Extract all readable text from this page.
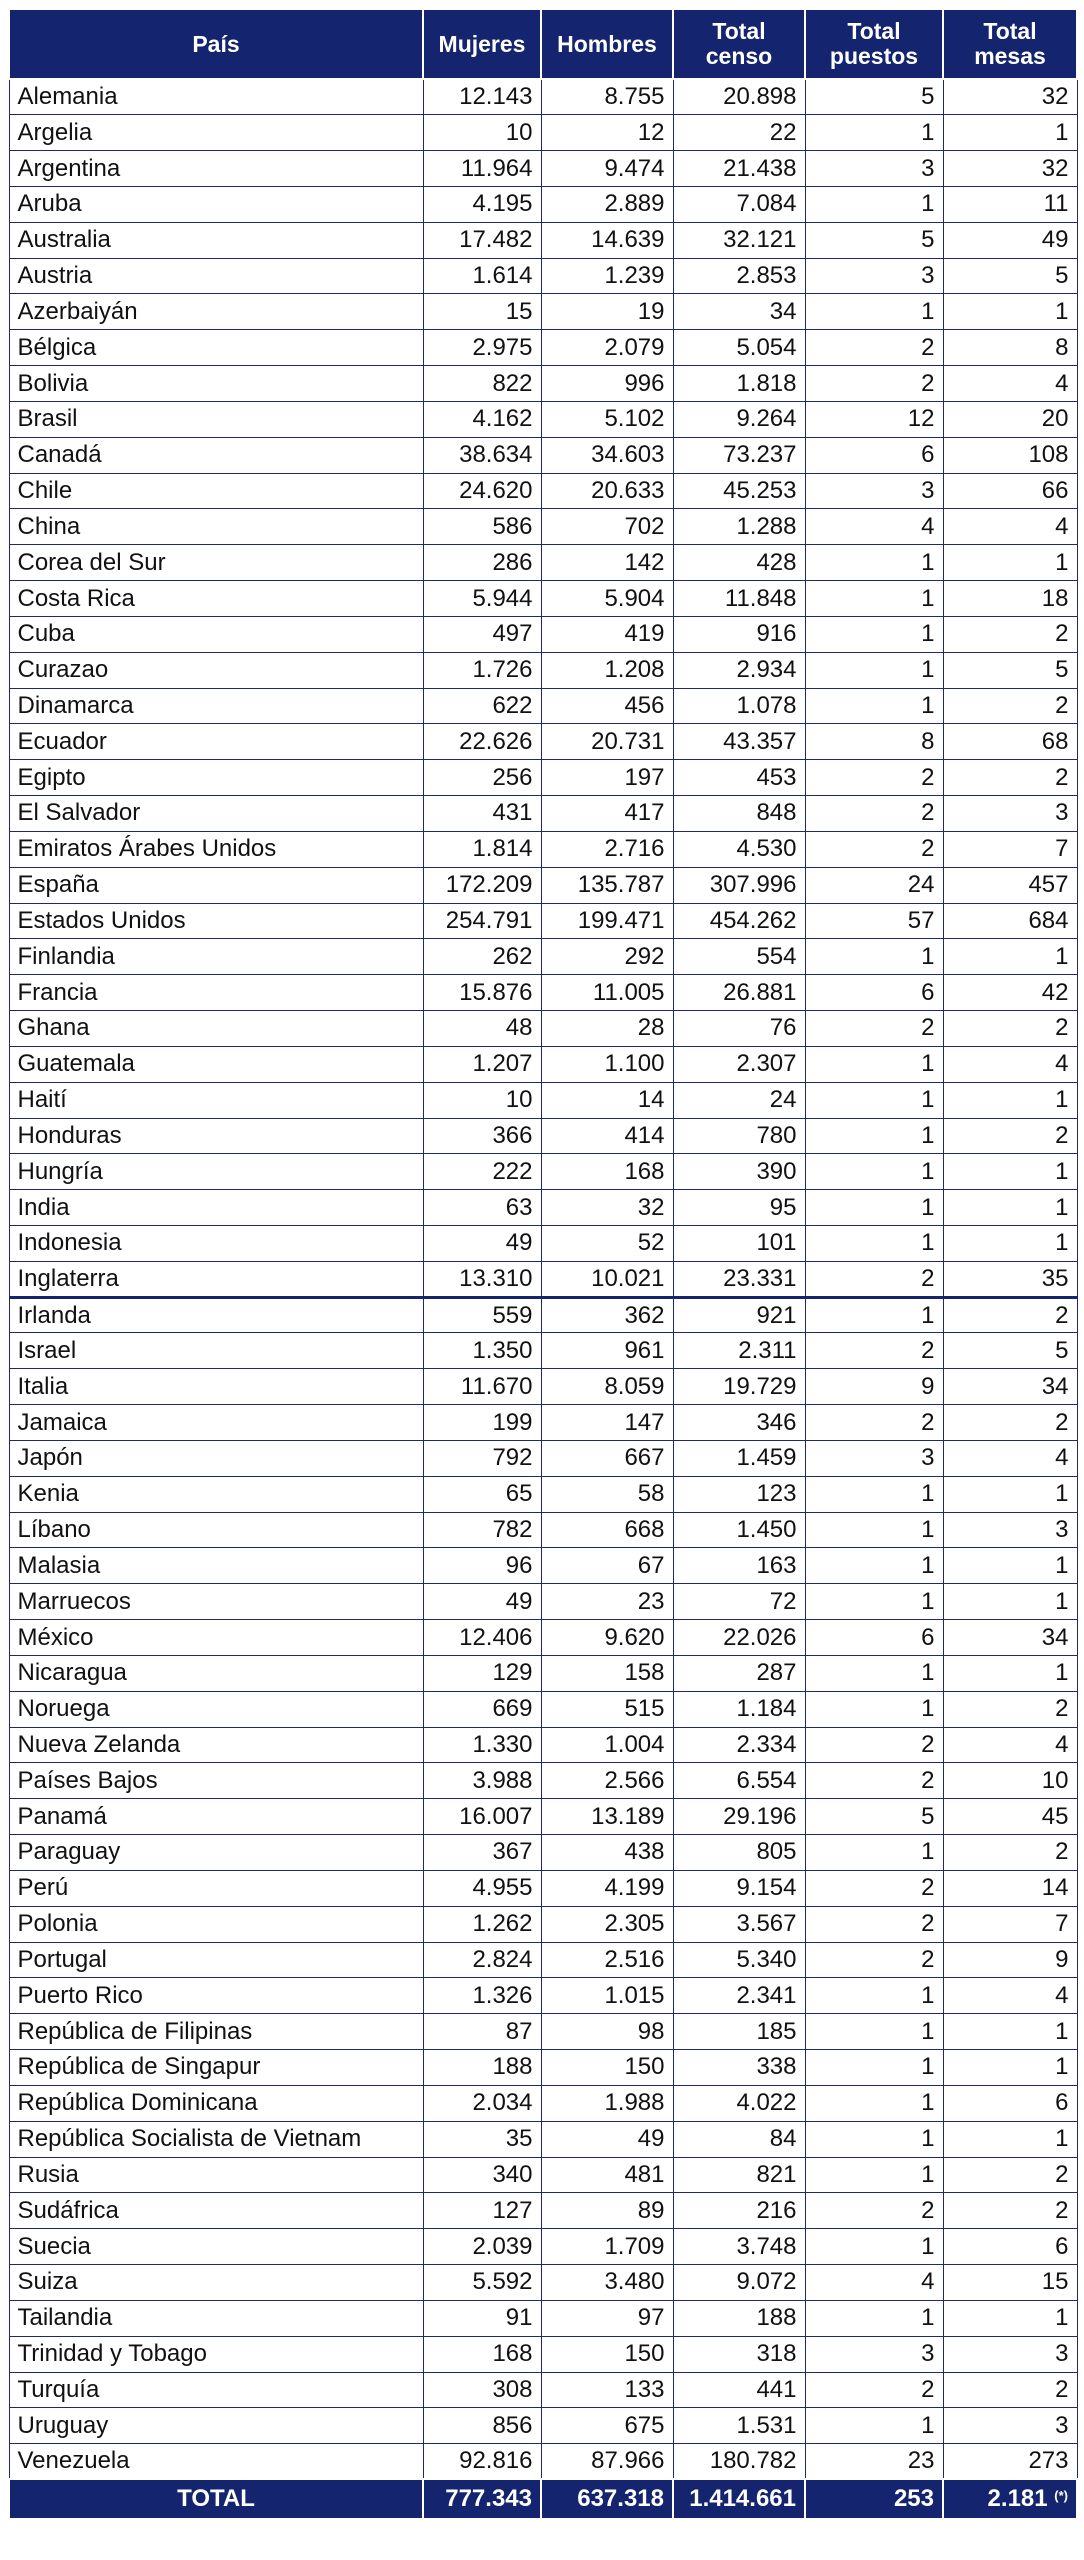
País	Mujeres	Hombres	Total censo	Total puestos	Total mesas
Alemania	12.143	8.755	20.898	5	32
Argelia	10	12	22	1	1
Argentina	11.964	9.474	21.438	3	32
Aruba	4.195	2.889	7.084	1	11
Australia	17.482	14.639	32.121	5	49
Austria	1.614	1.239	2.853	3	5
Azerbaiyán	15	19	34	1	1
Bélgica	2.975	2.079	5.054	2	8
Bolivia	822	996	1.818	2	4
Brasil	4.162	5.102	9.264	12	20
Canadá	38.634	34.603	73.237	6	108
Chile	24.620	20.633	45.253	3	66
China	586	702	1.288	4	4
Corea del Sur	286	142	428	1	1
Costa Rica	5.944	5.904	11.848	1	18
Cuba	497	419	916	1	2
Curazao	1.726	1.208	2.934	1	5
Dinamarca	622	456	1.078	1	2
Ecuador	22.626	20.731	43.357	8	68
Egipto	256	197	453	2	2
El Salvador	431	417	848	2	3
Emiratos Árabes Unidos	1.814	2.716	4.530	2	7
España	172.209	135.787	307.996	24	457
Estados Unidos	254.791	199.471	454.262	57	684
Finlandia	262	292	554	1	1
Francia	15.876	11.005	26.881	6	42
Ghana	48	28	76	2	2
Guatemala	1.207	1.100	2.307	1	4
Haití	10	14	24	1	1
Honduras	366	414	780	1	2
Hungría	222	168	390	1	1
India	63	32	95	1	1
Indonesia	49	52	101	1	1
Inglaterra	13.310	10.021	23.331	2	35
Irlanda	559	362	921	1	2
Israel	1.350	961	2.311	2	5
Italia	11.670	8.059	19.729	9	34
Jamaica	199	147	346	2	2
Japón	792	667	1.459	3	4
Kenia	65	58	123	1	1
Líbano	782	668	1.450	1	3
Malasia	96	67	163	1	1
Marruecos	49	23	72	1	1
México	12.406	9.620	22.026	6	34
Nicaragua	129	158	287	1	1
Noruega	669	515	1.184	1	2
Nueva Zelanda	1.330	1.004	2.334	2	4
Países Bajos	3.988	2.566	6.554	2	10
Panamá	16.007	13.189	29.196	5	45
Paraguay	367	438	805	1	2
Perú	4.955	4.199	9.154	2	14
Polonia	1.262	2.305	3.567	2	7
Portugal	2.824	2.516	5.340	2	9
Puerto Rico	1.326	1.015	2.341	1	4
República de Filipinas	87	98	185	1	1
República de Singapur	188	150	338	1	1
República Dominicana	2.034	1.988	4.022	1	6
República Socialista de Vietnam	35	49	84	1	1
Rusia	340	481	821	1	2
Sudáfrica	127	89	216	2	2
Suecia	2.039	1.709	3.748	1	6
Suiza	5.592	3.480	9.072	4	15
Tailandia	91	97	188	1	1
Trinidad y Tobago	168	150	318	3	3
Turquía	308	133	441	2	2
Uruguay	856	675	1.531	1	3
Venezuela	92.816	87.966	180.782	23	273
TOTAL	777.343	637.318	1.414.661	253	2.181 (*)
